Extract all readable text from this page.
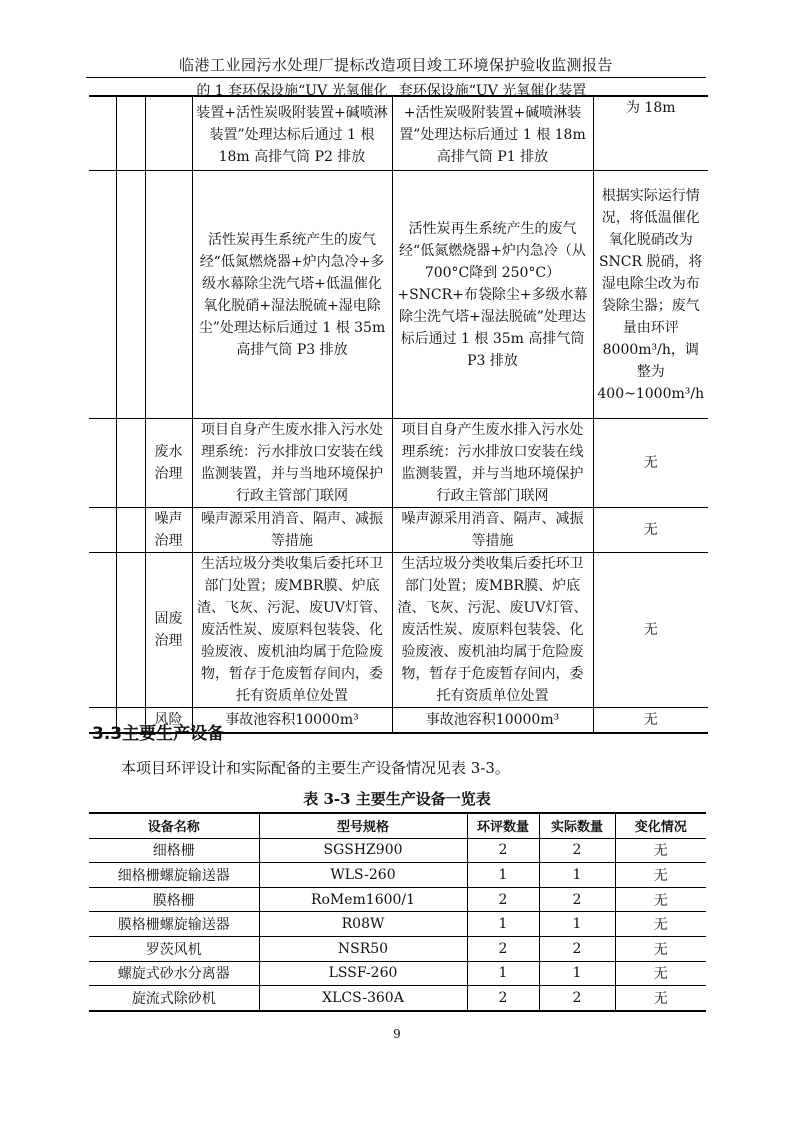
临港工业园污水处理厂提标改造项目竣工环境保护验收监测报告

			的 1 套环保设施“UV 光氧催化装置+活性炭吸附装置+碱喷淋装置”处理达标后通过 1 根 18m 高排气筒 P2 排放	套环保设施“UV 光氧催化装置+活性炭吸附装置+碱喷淋装置”处理达标后通过 1 根 18m 高排气筒 P1 排放	为 18m

			活性炭再生系统产生的废气经“低氮燃烧器+炉内急冷+多级水幕除尘洗气塔+低温催化氧化脱硝+湿法脱硫+湿电除尘”处理达标后通过 1 根 35m 高排气筒 P3 排放	活性炭再生系统产生的废气经“低氮燃烧器+炉内急冷（从 700°C降到 250°C）+SNCR+布袋除尘+多级水幕除尘洗气塔+湿法脱硫”处理达标后通过 1 根 35m 高排气筒 P3 排放	根据实际运行情况，将低温催化氧化脱硝改为 SNCR 脱硝，将湿电除尘改为布袋除尘器；废气量由环评 8000m³/h，调整为 400~1000m³/h
		废水治理	项目自身产生废水排入污水处理系统：污水排放口安装在线监测装置，并与当地环境保护行政主管部门联网	项目自身产生废水排入污水处理系统：污水排放口安装在线监测装置，并与当地环境保护行政主管部门联网	无
		噪声治理	噪声源采用消音、隔声、减振等措施	噪声源采用消音、隔声、减振等措施	无
		固废治理	生活垃圾分类收集后委托环卫部门处置；废MBR膜、炉底渣、飞灰、污泥、废UV灯管、废活性炭、废原料包装袋、化验废液、废机油均属于危险废物，暂存于危废暂存间内，委托有资质单位处置	生活垃圾分类收集后委托环卫部门处置；废MBR膜、炉底渣、飞灰、污泥、废UV灯管、废活性炭、废原料包装袋、化验废液、废机油均属于危险废物，暂存于危废暂存间内，委托有资质单位处置	无
		风险	事故池容积10000m³	事故池容积10000m³	无
3.3主要生产设备
本项目环评设计和实际配备的主要生产设备情况见表 3-3。
表 3-3 主要生产设备一览表
设备名称	型号规格	环评数量	实际数量	变化情况
细格栅	SGSHZ900	2	2	无
细格栅螺旋输送器	WLS-260	1	1	无
膜格栅	RoMem1600/1	2	2	无
膜格栅螺旋输送器	R08W	1	1	无
罗茨风机	NSR50	2	2	无
螺旋式砂水分离器	LSSF-260	1	1	无
旋流式除砂机	XLCS-360A	2	2	无
9
